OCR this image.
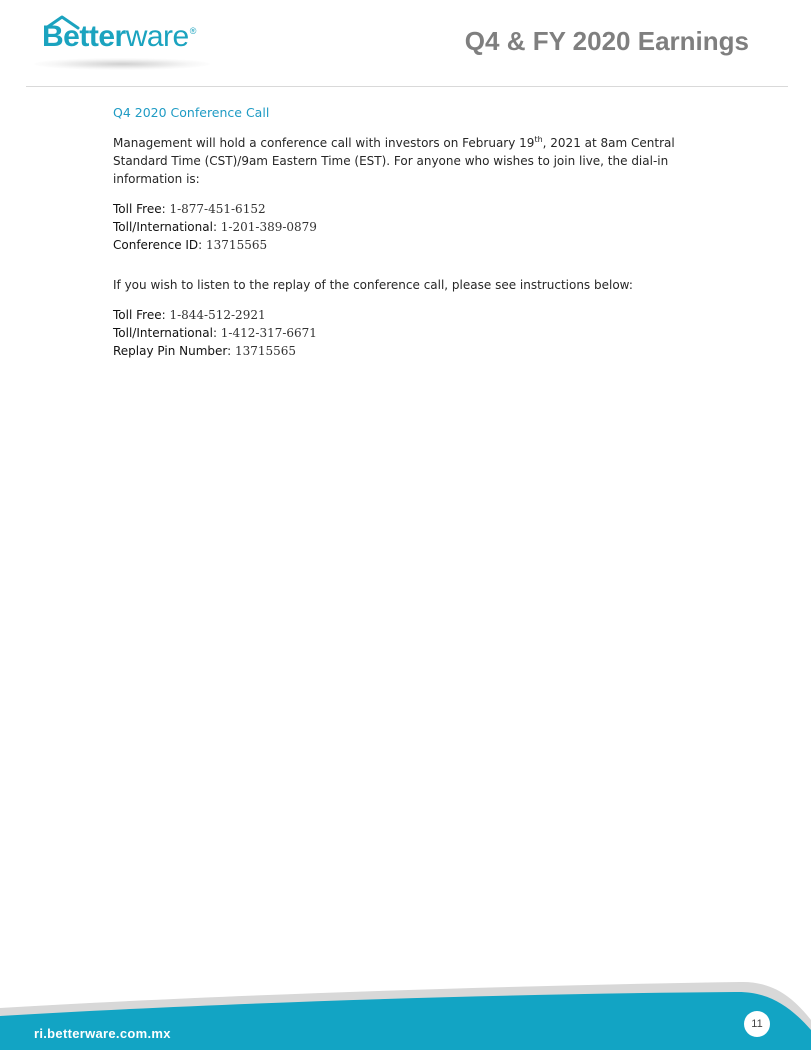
Betterware®	Q4 & FY 2020 Earnings
Q4 2020 Conference Call
Management will hold a conference call with investors on February 19th, 2021 at 8am Central Standard Time (CST)/9am Eastern Time (EST). For anyone who wishes to join live, the dial-in information is:
Toll Free: 1-877-451-6152
Toll/International: 1-201-389-0879
Conference ID: 13715565
If you wish to listen to the replay of the conference call, please see instructions below:
Toll Free: 1-844-512-2921
Toll/International: 1-412-317-6671
Replay Pin Number: 13715565
ri.betterware.com.mx
11
